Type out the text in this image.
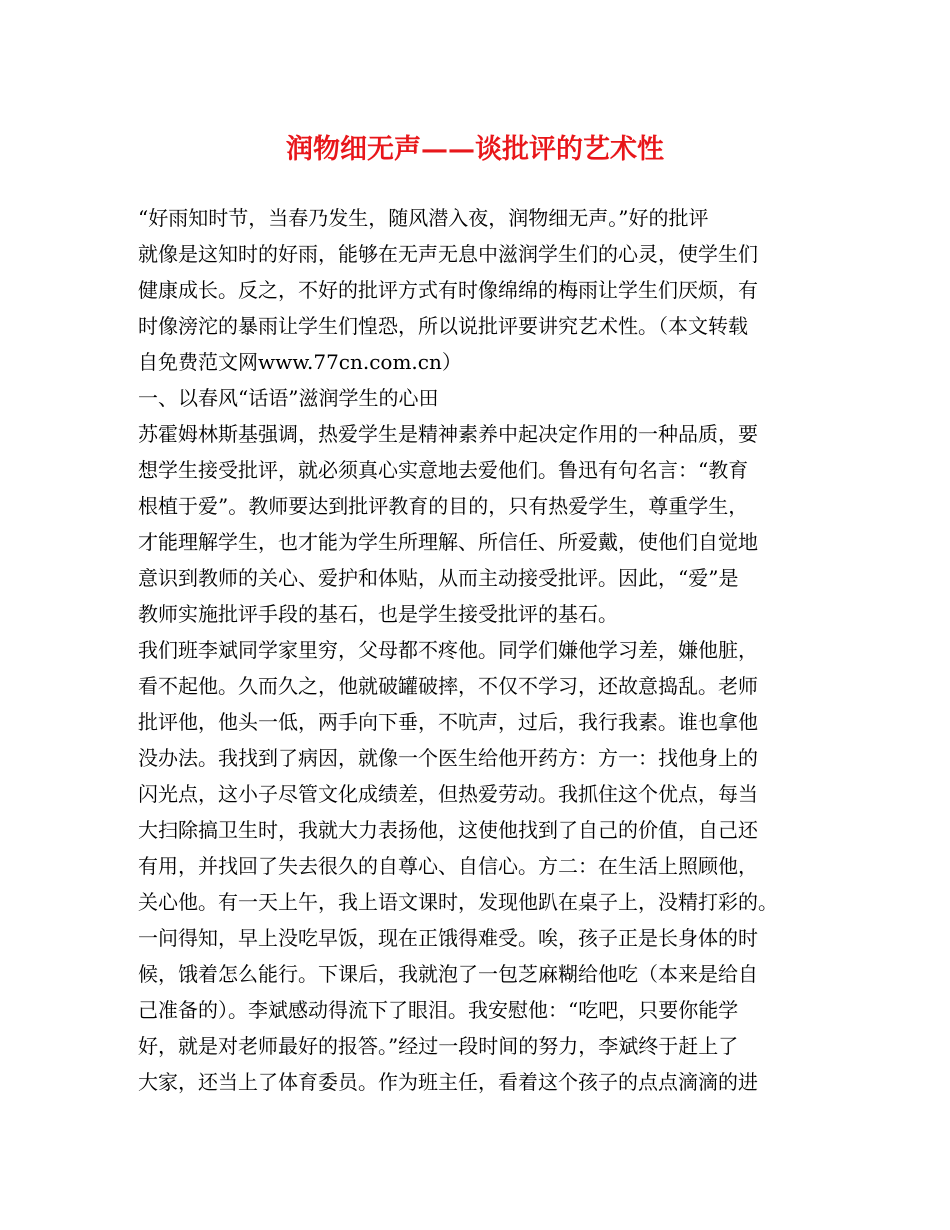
润物细无声——谈批评的艺术性
“好雨知时节，当春乃发生，随风潜入夜，润物细无声。”好的批评
就像是这知时的好雨，能够在无声无息中滋润学生们的心灵，使学生们
健康成长。反之，不好的批评方式有时像绵绵的梅雨让学生们厌烦，有
时像滂沱的暴雨让学生们惶恐，所以说批评要讲究艺术性。（本文转载
自免费范文网www.77cn.com.cn）
一、以春风“话语”滋润学生的心田
苏霍姆林斯基强调，热爱学生是精神素养中起决定作用的一种品质，要
想学生接受批评，就必须真心实意地去爱他们。鲁迅有句名言：“教育
根植于爱”。教师要达到批评教育的目的，只有热爱学生，尊重学生，
才能理解学生，也才能为学生所理解、所信任、所爱戴，使他们自觉地
意识到教师的关心、爱护和体贴，从而主动接受批评。因此，“爱”是
教师实施批评手段的基石，也是学生接受批评的基石。
我们班李斌同学家里穷，父母都不疼他。同学们嫌他学习差，嫌他脏，
看不起他。久而久之，他就破罐破摔，不仅不学习，还故意捣乱。老师
批评他，他头一低，两手向下垂，不吭声，过后，我行我素。谁也拿他
没办法。我找到了病因，就像一个医生给他开药方：方一：找他身上的
闪光点，这小子尽管文化成绩差，但热爱劳动。我抓住这个优点，每当
大扫除搞卫生时，我就大力表扬他，这使他找到了自己的价值，自己还
有用，并找回了失去很久的自尊心、自信心。方二：在生活上照顾他，
关心他。有一天上午，我上语文课时，发现他趴在桌子上，没精打彩的。
一问得知，早上没吃早饭，现在正饿得难受。唉，孩子正是长身体的时
候，饿着怎么能行。下课后，我就泡了一包芝麻糊给他吃（本来是给自
己准备的）。李斌感动得流下了眼泪。我安慰他：“吃吧，只要你能学
好，就是对老师最好的报答。”经过一段时间的努力，李斌终于赶上了
大家，还当上了体育委员。作为班主任，看着这个孩子的点点滴滴的进
